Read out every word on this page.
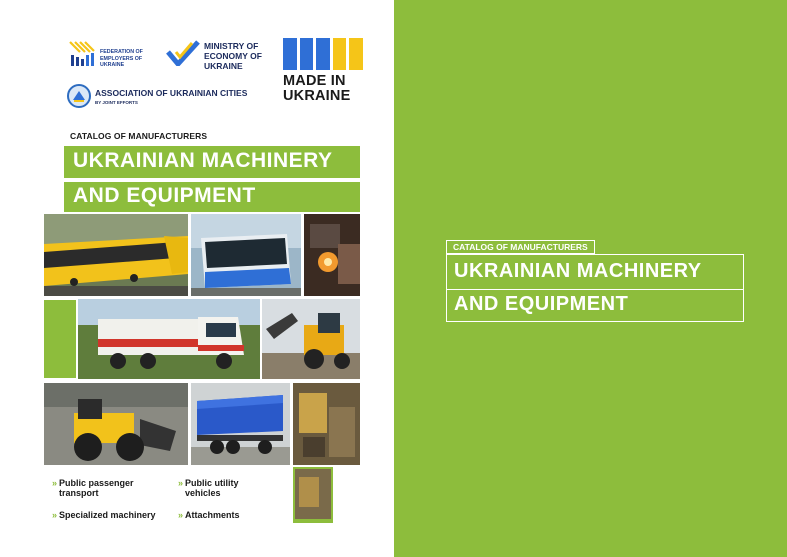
FEDERATION OF EMPLOYERS OF UKRAINE
MINISTRY OF ECONOMY OF UKRAINE
MADE IN UKRAINE
ASSOCIATION OF UKRAINIAN CITIES
BY JOINT EFFORTS
CATALOG OF MANUFACTURERS
UKRAINIAN MACHINERY
AND EQUIPMENT
» Public passenger transport
» Public utility vehicles
» Specialized machinery » Attachments
CATALOG OF MANUFACTURERS
UKRAINIAN MACHINERY
AND EQUIPMENT
